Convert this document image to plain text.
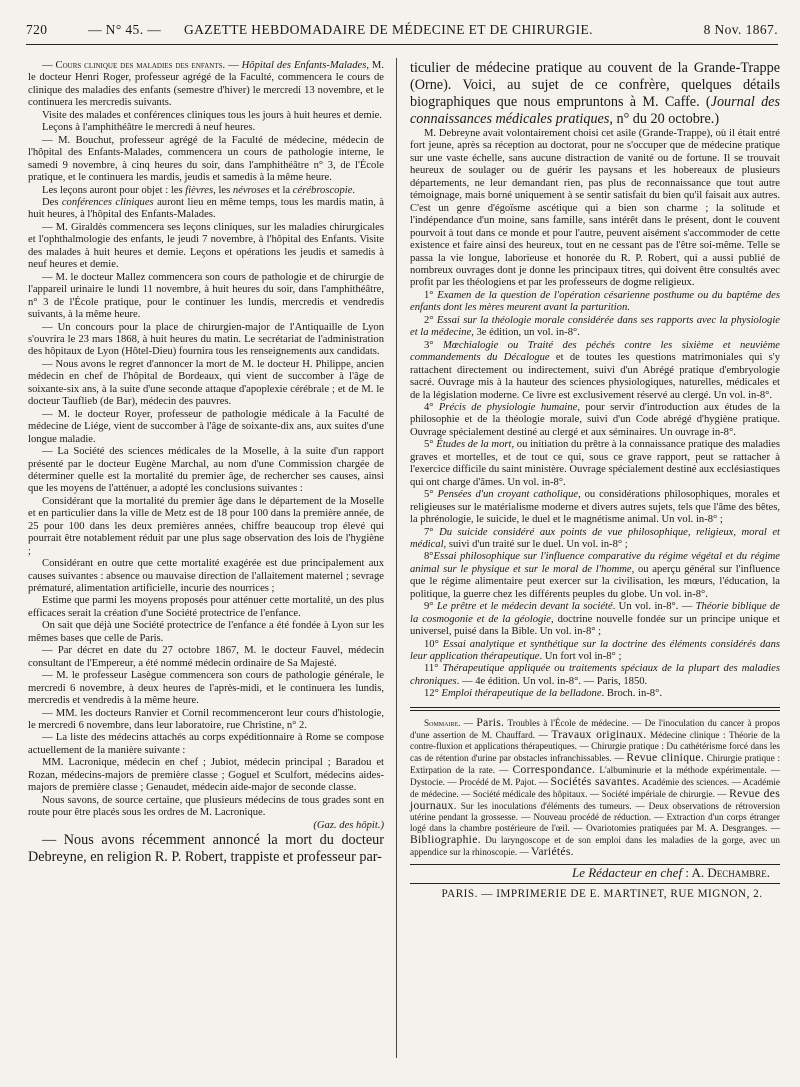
720	— N° 45. — GAZETTE HEBDOMADAIRE DE MÉDECINE ET DE CHIRURGIE.	8 Nov. 1867.

— Cours clinique des maladies des enfants. — Hôpital des Enfants-Malades, M. le docteur Henri Roger, professeur agrégé de la Faculté, commencera le cours de clinique des maladies des enfants (semestre d'hiver) le mercredi 13 novembre, et le continuera les mercredis suivants.

Visite des malades et conférences cliniques tous les jours à huit heures et demie.

Leçons à l'amphithéâtre le mercredi à neuf heures.

— M. Bouchut, professeur agrégé de la Faculté de médecine, médecin de l'hôpital des Enfants-Malades, commencera un cours de pathologie interne, le samedi 9 novembre, à cinq heures du soir, dans l'amphithéâtre n° 3, de l'École pratique, et le continuera les mardis, jeudis et samedis à la même heure.

Les leçons auront pour objet : les fièvres, les névroses et la cérébroscopie.

Des conférences cliniques auront lieu en même temps, tous les mardis matin, à huit heures, à l'hôpital des Enfants-Malades.

— M. Giraldès commencera ses leçons cliniques, sur les maladies chirurgicales et l'ophthalmologie des enfants, le jeudi 7 novembre, à l'hôpital des Enfants. Visite des malades à huit heures et demie. Leçons et opérations les jeudis et samedis à neuf heures et demie.

— M. le docteur Mallez commencera son cours de pathologie et de chirurgie de l'appareil urinaire le lundi 11 novembre, à huit heures du soir, dans l'amphithéâtre, n° 3 de l'École pratique, pour le continuer les lundis, mercredis et vendredis suivants, à la même heure.

— Un concours pour la place de chirurgien-major de l'Antiquaille de Lyon s'ouvrira le 23 mars 1868, à huit heures du matin. Le secrétariat de l'administration des hôpitaux de Lyon (Hôtel-Dieu) fournira tous les renseignements aux candidats.

— Nous avons le regret d'annoncer la mort de M. le docteur H. Philippe, ancien médecin en chef de l'hôpital de Bordeaux, qui vient de succomber à l'âge de soixante-six ans, à la suite d'une seconde attaque d'apoplexie cérébrale ; et de M. le docteur Tauflieb (de Bar), médecin des pauvres.

— M. le docteur Royer, professeur de pathologie médicale à la Faculté de médecine de Liége, vient de succomber à l'âge de soixante-dix ans, aux suites d'une longue maladie.

— La Société des sciences médicales de la Moselle, à la suite d'un rapport présenté par le docteur Eugène Marchal, au nom d'une Commission chargée de déterminer quelle est la mortalité du premier âge, de rechercher ses causes, ainsi que les moyens de l'atténuer, a adopté les conclusions suivantes :

Considérant que la mortalité du premier âge dans le département de la Moselle et en particulier dans la ville de Metz est de 18 pour 100 dans la première année, de 25 pour 100 dans les deux premières années, chiffre beaucoup trop élevé qui pourrait être notablement réduit par une plus sage observation des lois de l'hygiène ;

Considérant en outre que cette mortalité exagérée est due principalement aux causes suivantes : absence ou mauvaise direction de l'allaitement maternel ; sevrage prématuré, alimentation artificielle, incurie des nourrices ;

Estime que parmi les moyens proposés pour atténuer cette mortalité, un des plus efficaces serait la création d'une Société protectrice de l'enfance.

On sait que déjà une Société protectrice de l'enfance a été fondée à Lyon sur les mêmes bases que celle de Paris.

— Par décret en date du 27 octobre 1867, M. le docteur Fauvel, médecin consultant de l'Empereur, a été nommé médecin ordinaire de Sa Majesté.

— M. le professeur Lasègue commencera son cours de pathologie générale, le mercredi 6 novembre, à deux heures de l'après-midi, et le continuera les lundis, mercredis et vendredis à la même heure.

— MM. les docteurs Ranvier et Cornil recommenceront leur cours d'histologie, le mercredi 6 novembre, dans leur laboratoire, rue Christine, n° 2.

— La liste des médecins attachés au corps expéditionnaire à Rome se compose actuellement de la manière suivante :

MM. Lacronique, médecin en chef ; Jubiot, médecin principal ; Baradou et Rozan, médecins-majors de première classe ; Goguel et Sculfort, médecins aides-majors de première classe ; Genaudet, médecin aide-major de seconde classe.

Nous savons, de source certaine, que plusieurs médecins de tous grades sont en route pour être placés sous les ordres de M. Lacronique.

(Gaz. des hôpit.)

— Nous avons récemment annoncé la mort du docteur Debreyne, en religion R. P. Robert, trappiste et professeur par-

ticulier de médecine pratique au couvent de la Grande-Trappe (Orne). Voici, au sujet de ce confrère, quelques détails biographiques que nous empruntons à M. Caffe. (Journal des connaissances médicales pratiques, n° du 20 octobre.)

M. Debreyne avait volontairement choisi cet asile (Grande-Trappe), où il était entré fort jeune, après sa réception au doctorat, pour ne s'occuper que de médecine pratique sur une vaste échelle, sans aucune distraction de vanité ou de fortune. Il se trouvait heureux de soulager ou de guérir les paysans et les hobereaux de plusieurs départements, ne leur demandant rien, pas plus de reconnaissance que tout autre témoignage, mais borné uniquement à se sentir satisfait du bien qu'il faisait aux autres. C'est un genre d'égoïsme ascétique qui a bien son charme ; la solitude et l'indépendance d'un moine, sans famille, sans intérêt dans le présent, dont le couvent pourvoit à tout dans ce monde et pour l'autre, peuvent aisément s'accommoder de cette existence et faire ainsi des heureux, tout en ne cessant pas de l'être soi-même. Telle se passa la vie longue, laborieuse et honorée du R. P. Robert, qui a aussi publié de nombreux ouvrages dont je donne les principaux titres, qui doivent être consultés avec profit par les théologiens et par les professeurs de dogme religieux.

1° Examen de la question de l'opération césarienne posthume ou du baptême des enfants dont les mères meurent avant la parturition.

2° Essai sur la théologie morale considérée dans ses rapports avec la physiologie et la médecine, 3e édition, un vol. in-8°.

3° Mœchialogie ou Traité des péchés contre les sixième et neuvième commandements du Décalogue et de toutes les questions matrimoniales qui s'y rattachent directement ou indirectement, suivi d'un Abrégé pratique d'embryologie sacré. Ouvrage mis à la hauteur des sciences physiologiques, naturelles, médicales et de la législation moderne. Ce livre est exclusivement réservé au clergé. Un vol. in-8°.

4° Précis de physiologie humaine, pour servir d'introduction aux études de la philosophie et de la théologie morale, suivi d'un Code abrégé d'hygiène pratique. Ouvrage spécialement destiné au clergé et aux séminaires. Un ouvrage in-8°.

5° Études de la mort, ou initiation du prêtre à la connaissance pratique des maladies graves et mortelles, et de tout ce qui, sous ce grave rapport, peut se rattacher à l'exercice difficile du saint ministère. Ouvrage spécialement destiné aux ecclésiastiques qui ont charge d'âmes. Un vol. in-8°.

5° Pensées d'un croyant catholique, ou considérations philosophiques, morales et religieuses sur le matérialisme moderne et divers autres sujets, tels que l'âme des bêtes, la phrénologie, le suicide, le duel et le magnétisme animal. Un vol. in-8° ;

7° Du suicide considéré aux points de vue philosophique, religieux, moral et médical, suivi d'un traité sur le duel. Un vol. in-8° ;

8°Essai philosophique sur l'influence comparative du régime végétal et du régime animal sur le physique et sur le moral de l'homme, ou aperçu général sur l'influence que le régime alimentaire peut exercer sur la civilisation, les mœurs, l'éducation, la politique, la guerre chez les différents peuples du globe. Un vol. in-8°.

9° Le prêtre et le médecin devant la société. Un vol. in-8°. — Théorie biblique de la cosmogonie et de la géologie, doctrine nouvelle fondée sur un principe unique et universel, puisé dans la Bible. Un vol. in-8° ;

10° Essai analytique et synthétique sur la doctrine des éléments considérés dans leur application thérapeutique. Un fort vol in-8° ;

11° Thérapeutique appliquée ou traitements spéciaux de la plupart des maladies chroniques. — 4e édition. Un vol. in-8°. — Paris, 1850.

12° Emploi thérapeutique de la belladone. Broch. in-8°.

Sommaire. — Paris. Troubles à l'École de médecine. — De l'inoculation du cancer à propos d'une assertion de M. Chauffard. — Travaux originaux. Médecine clinique : Théorie de la contre-fluxion et applications thérapeutiques. — Chirurgie pratique : Du cathétérisme forcé dans les cas de rétention d'urine par obstacles infranchissables. — Revue clinique. Chirurgie pratique : Extirpation de la rate. — Correspondance. L'albuminurie et la méthode expérimentale. — Dystocie. — Procédé de M. Pajot. — Sociétés savantes. Académie des sciences. — Académie de médecine. — Société médicale des hôpitaux. — Société impériale de chirurgie. — Revue des journaux. Sur les inoculations d'éléments des tumeurs. — Deux observations de rétroversion utérine pendant la grossesse. — Nouveau procédé de réduction. — Extraction d'un corps étranger logé dans la chambre postérieure de l'œil. — Ovariotomies pratiquées par M. A. Desgranges. — Bibliographie. Du laryngoscope et de son emploi dans les maladies de la gorge, avec un appendice sur la rhinoscopie. — Variétés.

Le Rédacteur en chef : A. Dechambre.

PARIS. — IMPRIMERIE DE E. MARTINET, RUE MIGNON, 2.
